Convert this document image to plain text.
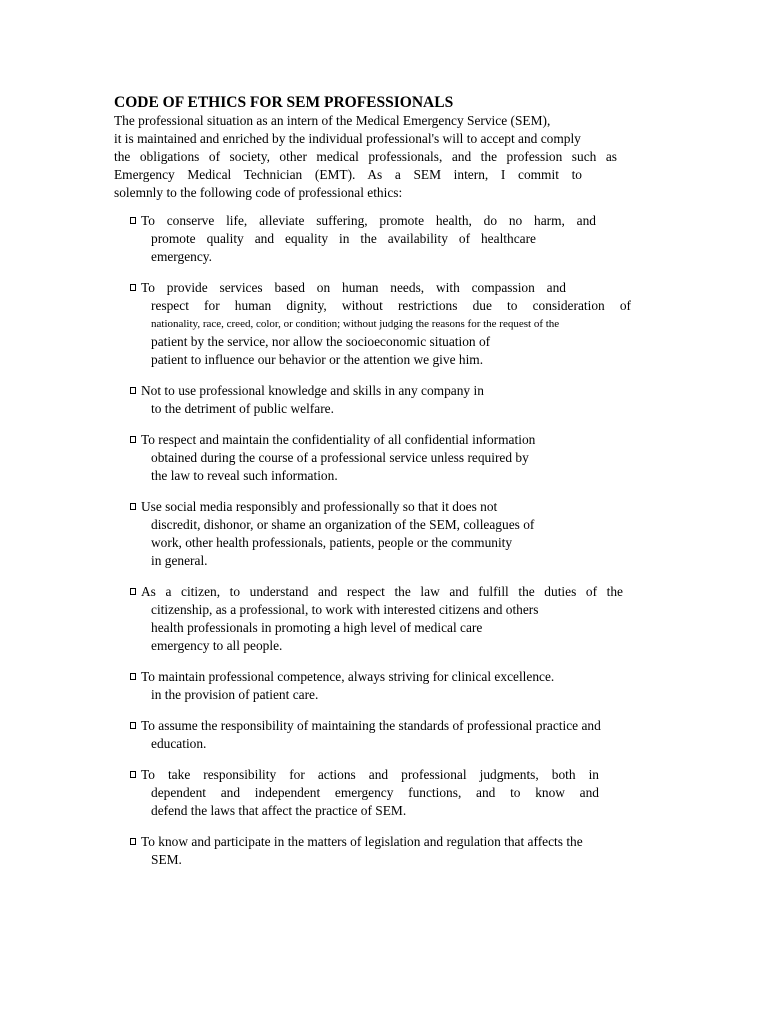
CODE OF ETHICS FOR SEM PROFESSIONALS
The professional situation as an intern of the Medical Emergency Service (SEM),
it is maintained and enriched by the individual professional's will to accept and comply
the obligations of society, other medical professionals, and the profession such as
Emergency Medical Technician (EMT). As a SEM intern, I commit to
solemnly to the following code of professional ethics:
To conserve life, alleviate suffering, promote health, do no harm, and
promote quality and equality in the availability of healthcare
emergency.
To provide services based on human needs, with compassion and
respect for human dignity, without restrictions due to consideration of
nationality, race, creed, color, or condition; without judging the reasons for the request of the
patient by the service, nor allow the socioeconomic situation of
patient to influence our behavior or the attention we give him.
Not to use professional knowledge and skills in any company in
to the detriment of public welfare.
To respect and maintain the confidentiality of all confidential information
obtained during the course of a professional service unless required by
the law to reveal such information.
Use social media responsibly and professionally so that it does not
discredit, dishonor, or shame an organization of the SEM, colleagues of
work, other health professionals, patients, people or the community
in general.
As a citizen, to understand and respect the law and fulfill the duties of the
citizenship, as a professional, to work with interested citizens and others
health professionals in promoting a high level of medical care
emergency to all people.
To maintain professional competence, always striving for clinical excellence.
in the provision of patient care.
To assume the responsibility of maintaining the standards of professional practice and
education.
To take responsibility for actions and professional judgments, both in
dependent and independent emergency functions, and to know and
defend the laws that affect the practice of SEM.
To know and participate in the matters of legislation and regulation that affects the
SEM.
